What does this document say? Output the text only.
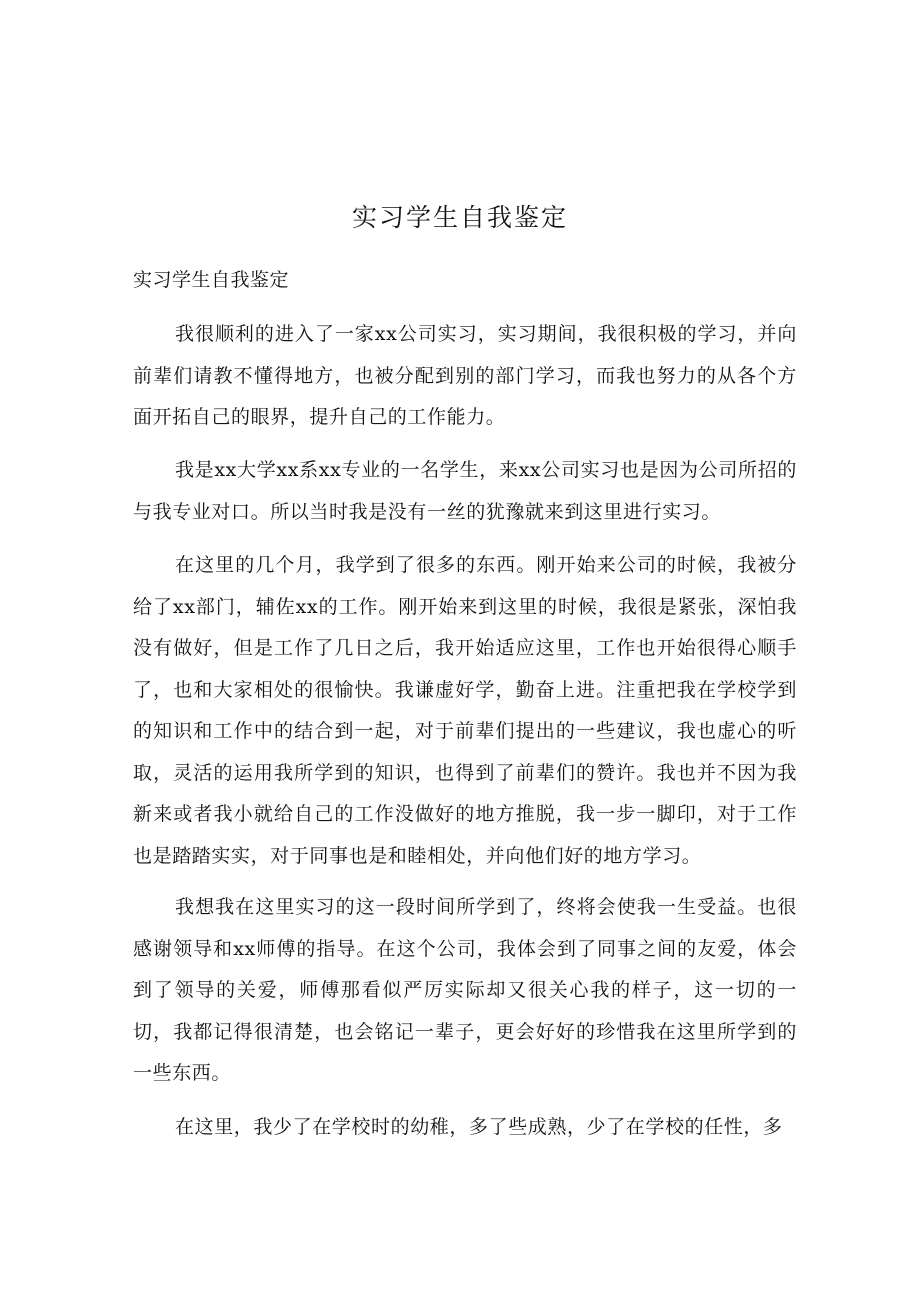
实习学生自我鉴定

实习学生自我鉴定

我很顺利的进入了一家xx公司实习，实习期间，我很积极的学习，并向前辈们请教不懂得地方，也被分配到别的部门学习，而我也努力的从各个方面开拓自己的眼界，提升自己的工作能力。

我是xx大学xx系xx专业的一名学生，来xx公司实习也是因为公司所招的与我专业对口。所以当时我是没有一丝的犹豫就来到这里进行实习。

在这里的几个月，我学到了很多的东西。刚开始来公司的时候，我被分给了xx部门，辅佐xx的工作。刚开始来到这里的时候，我很是紧张，深怕我没有做好，但是工作了几日之后，我开始适应这里，工作也开始很得心顺手了，也和大家相处的很愉快。我谦虚好学，勤奋上进。注重把我在学校学到的知识和工作中的结合到一起，对于前辈们提出的一些建议，我也虚心的听取，灵活的运用我所学到的知识，也得到了前辈们的赞许。我也并不因为我新来或者我小就给自己的工作没做好的地方推脱，我一步一脚印，对于工作也是踏踏实实，对于同事也是和睦相处，并向他们好的地方学习。

我想我在这里实习的这一段时间所学到了，终将会使我一生受益。也很感谢领导和xx师傅的指导。在这个公司，我体会到了同事之间的友爱，体会到了领导的关爱，师傅那看似严厉实际却又很关心我的样子，这一切的一切，我都记得很清楚，也会铭记一辈子，更会好好的珍惜我在这里所学到的一些东西。

在这里，我少了在学校时的幼稚，多了些成熟，少了在学校的任性，多
